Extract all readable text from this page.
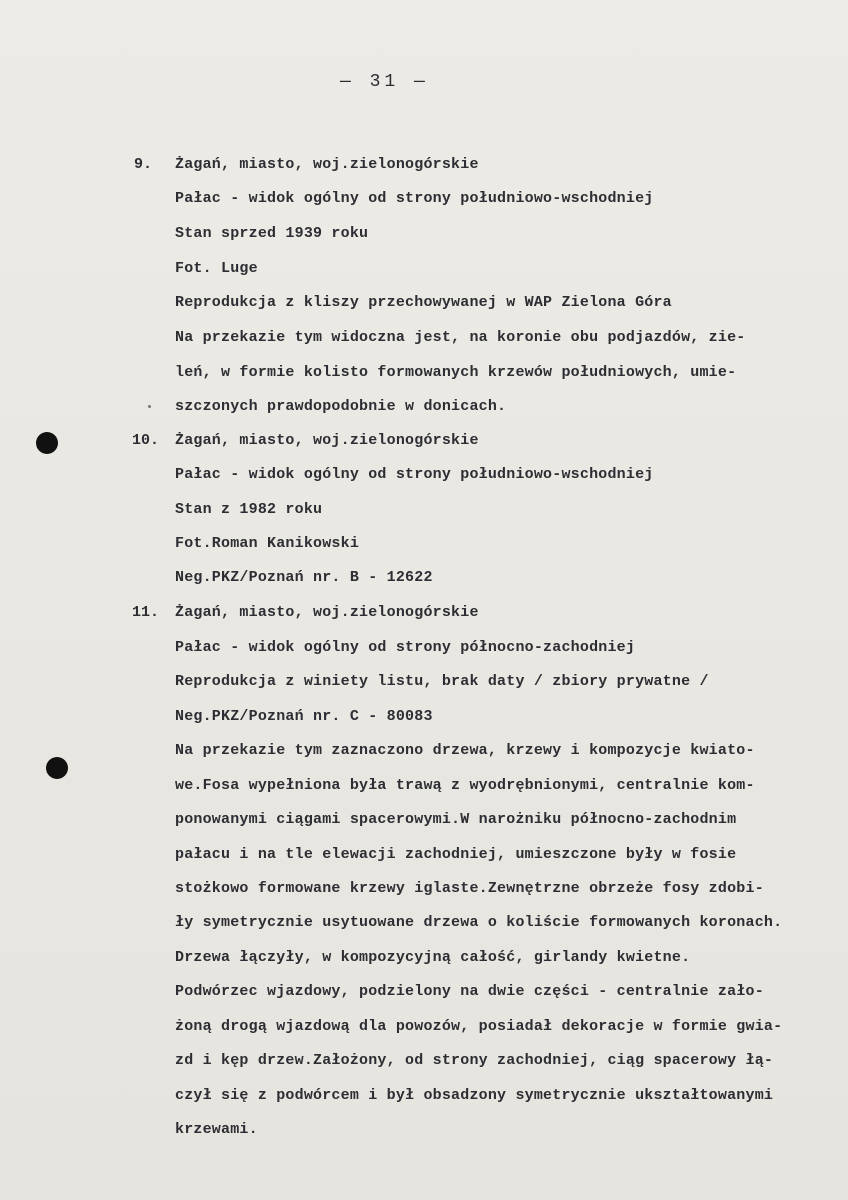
— 31 —
9. Żagań, miasto, woj.zielonogórskie
Pałac - widok ogólny od strony południowo-wschodniej
Stan sprzed 1939 roku
Fot. Luge
Reprodukcja z kliszy przechowywanej w WAP Zielona Góra
Na przekazie tym widoczna jest, na koronie obu podjazdów, zie-
leń, w formie kolisto formowanych krzewów południowych, umie-
szczonych prawdopodobnie w donicach.
10. Żagań, miasto, woj.zielonogórskie
Pałac - widok ogólny od strony południowo-wschodniej
Stan z 1982 roku
Fot.Roman Kanikowski
Neg.PKZ/Poznań nr. B - 12622
11. Żagań, miasto, woj.zielonogórskie
Pałac - widok ogólny od strony północno-zachodniej
Reprodukcja z winiety listu, brak daty / zbiory prywatne /
Neg.PKZ/Poznań nr. C - 80083
Na przekazie tym zaznaczono drzewa, krzewy i kompozycje kwiato-
we.Fosa wypełniona była trawą z wyodrębnionymi, centralnie kom-
ponowanymi ciągami spacerowymi.W narożniku północno-zachodnim
pałacu i na tle elewacji zachodniej, umieszczone były w fosie
stożkowo formowane krzewy iglaste.Zewnętrzne obrzeże fosy zdobi-
ły symetrycznie usytuowane drzewa o koliście formowanych koronach.
Drzewa łączyły, w kompozycyjną całość, girlandy kwietne.
Podwórzec wjazdowy, podzielony na dwie części - centralnie zało-
żoną drogą wjazdową dla powozów, posiadał dekoracje w formie gwia-
zd i kęp drzew.Założony, od strony zachodniej, ciąg spacerowy łą-
czył się z podwórcem i był obsadzony symetrycznie ukształtowanymi
krzewami.
